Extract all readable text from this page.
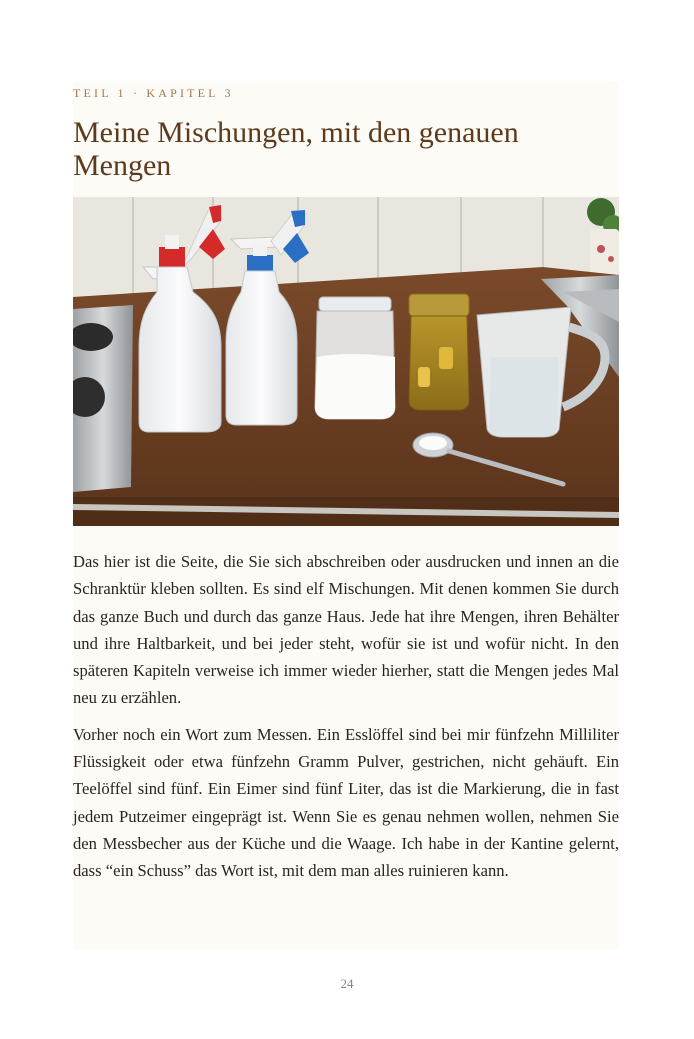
TEIL 1 · KAPITEL 3
Meine Mischungen, mit den genauen Mengen

Das hier ist die Seite, die Sie sich abschreiben oder ausdrucken und innen an die Schranktür kleben sollten. Es sind elf Mischungen. Mit denen kommen Sie durch das ganze Buch und durch das ganze Haus. Jede hat ihre Mengen, ihren Behälter und ihre Haltbarkeit, und bei jeder steht, wofür sie ist und wofür nicht. In den späteren Kapiteln verweise ich immer wieder hierher, statt die Mengen jedes Mal neu zu erzählen.

Vorher noch ein Wort zum Messen. Ein Esslöffel sind bei mir fünfzehn Milliliter Flüssigkeit oder etwa fünfzehn Gramm Pulver, gestrichen, nicht gehäuft. Ein Teelöffel sind fünf. Ein Eimer sind fünf Liter, das ist die Markierung, die in fast jedem Putzeimer eingeprägt ist. Wenn Sie es genau nehmen wollen, nehmen Sie den Messbecher aus der Küche und die Waage. Ich habe in der Kantine gelernt, dass “ein Schuss” das Wort ist, mit dem man alles ruinieren kann.

24
